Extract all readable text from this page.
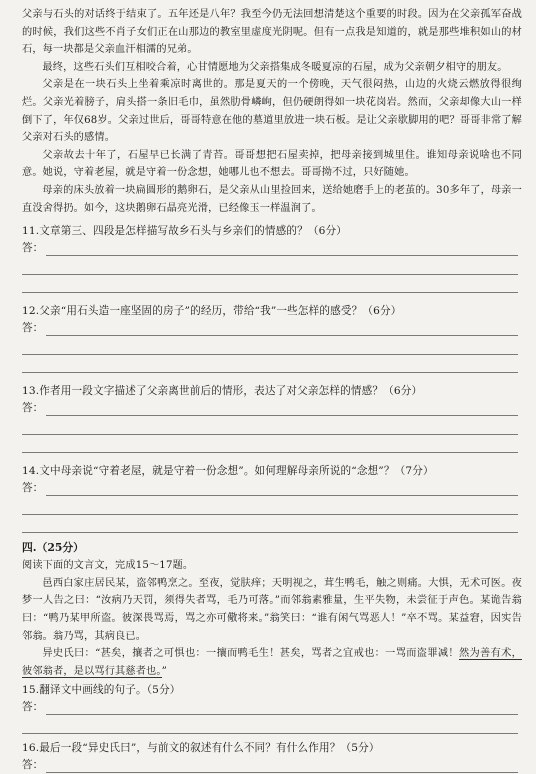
父亲与石头的对话终于结束了。五年还是八年？我至今仍无法回想清楚这个重要的时段。因为在父亲孤军奋战的时候，我们这些不肖子女们正在山那边的教室里虚度光阴呢。但有一点我是知道的，就是那些堆积如山的材石，每一块都是父亲血汗相濡的兄弟。

最终，这些石头们互相咬合着，心甘情愿地为父亲搭集成冬暖夏凉的石屋，成为父亲朝夕相守的朋友。

父亲是在一块石头上坐着乘凉时离世的。那是夏天的一个傍晚，天气很闷热，山边的火烧云燃放得很绚烂。父亲光着膀子，肩头搭一条旧毛巾，虽然肋骨嶙峋，但仍硬朗得如一块花岗岩。然而，父亲却像大山一样倒下了，年仅68岁。父亲过世后，哥哥特意在他的墓道里放进一块石板。是让父亲歇脚用的吧？哥哥非常了解父亲对石头的感情。

父亲故去十年了，石屋早已长满了青苔。哥哥想把石屋卖掉，把母亲接到城里住。谁知母亲说啥也不同意。她说，守着老屋，就是守着一份念想，她哪儿也不想去。哥哥拗不过，只好随她。

母亲的床头放着一块扁圆形的鹅卵石，是父亲从山里捡回来，送给她磨手上的老茧的。30多年了，母亲一直没舍得扔。如今，这块鹅卵石晶亮光滑，已经像玉一样温润了。

11.文章第三、四段是怎样描写故乡石头与乡亲们的情感的？（6分）

答：

12.父亲“用石头造一座坚固的房子”的经历，带给“我”一些怎样的感受？（6分）

答：

13.作者用一段文字描述了父亲离世前后的情形，表达了对父亲怎样的情感？（6分）

答：

14.文中母亲说“守着老屋，就是守着一份念想”。如何理解母亲所说的“念想”？（7分）

答：
四.（25分）

阅读下面的文言文，完成15～17题。

邑西白家庄居民某，盗邻鸭烹之。至夜，觉肤痒；天明视之，茸生鸭毛，触之则痛。大惧，无术可医。夜梦一人告之曰：“汝病乃天罚，须得失者骂，毛乃可落。”而邻翁素雅量，生平失物，未尝征于声色。某诡告翁曰：“鸭乃某甲所盗。彼深畏骂焉，骂之亦可儆将来。”翁笑曰：“谁有闲气骂恶人！”卒不骂。某益窘，因实告邻翁。翁乃骂，其病良已。

异史氏曰：“甚矣，攘者之可惧也：一攘而鸭毛生！甚矣，骂者之宜戒也：一骂而盗罪减！然为善有术，彼邻翁者，是以骂行其慈者也。”

15.翻译文中画线的句子。（5分）

答：

16.最后一段“异史氏曰”，与前文的叙述有什么不同？有什么作用？（5分）

答：
